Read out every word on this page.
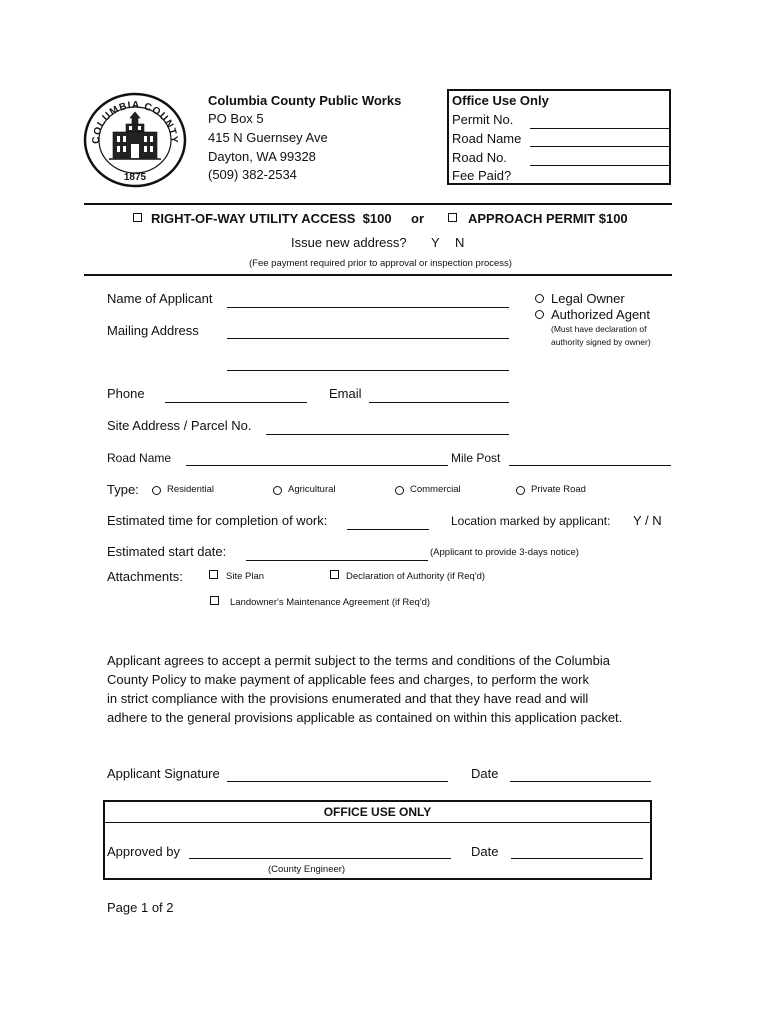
COLUMBIA COUNTY
1875
Columbia County Public Works
PO Box 5
415 N Guernsey Ave
Dayton, WA 99328
(509) 382-2534
Office Use Only
Permit No.
Road Name
Road No.
Fee Paid?
RIGHT-OF-WAY UTILITY ACCESS  $100 or	APPROACH PERMIT $100
Issue new address? Y N
(Fee payment required prior to approval or inspection process)
Name of Applicant	Legal Owner
Authorized Agent
(Must have declaration of
authority signed by owner)
Mailing Address
Phone	Email
Site Address / Parcel No.
Road Name	Mile Post
Type:	Residential	Agricultural	Commercial	Private Road
Estimated time for completion of work:	Location marked by applicant: Y / N
Estimated start date:	(Applicant to provide 3-days notice)
Attachments:	Site Plan	Declaration of Authority (if Req'd)
Landowner's Maintenance Agreement (if Req'd)
Applicant agrees to accept a permit subject to the terms and conditions of the Columbia
County Policy to make payment of applicable fees and charges, to perform the work
in strict compliance with the provisions enumerated and that they have read and will
adhere to the general provisions applicable as contained on within this application packet.
Applicant Signature	Date
OFFICE USE ONLY
Approved by	Date
(County Engineer)
Page 1 of 2
